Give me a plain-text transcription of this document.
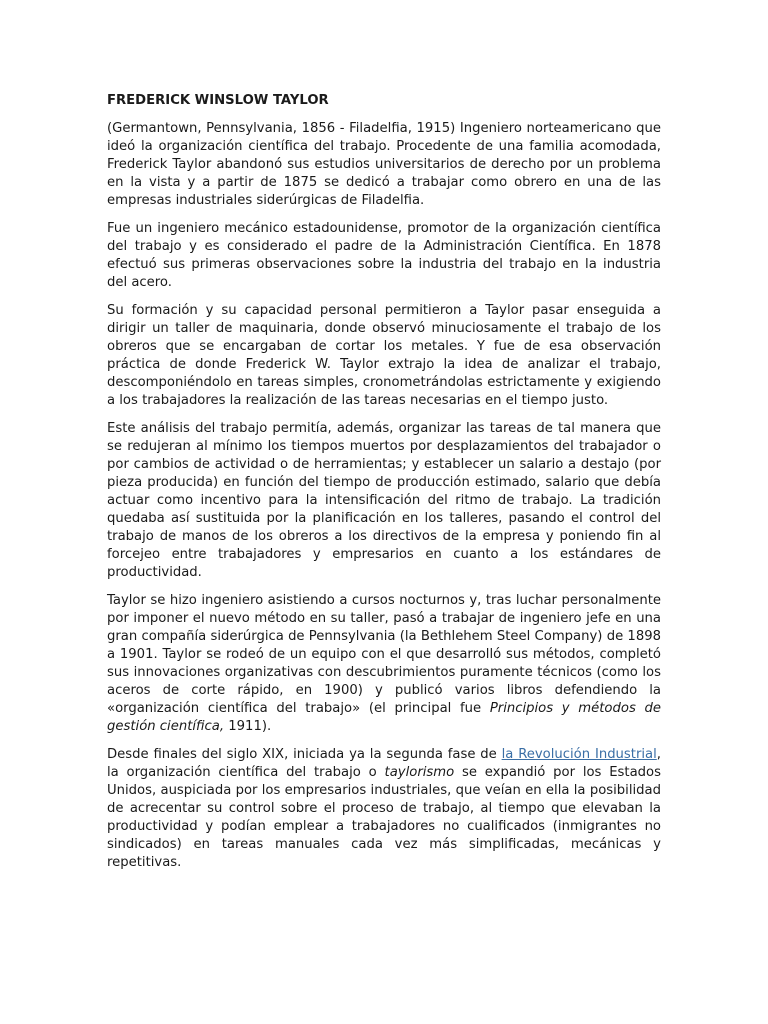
FREDERICK WINSLOW TAYLOR

(Germantown, Pennsylvania, 1856 - Filadelfia, 1915) Ingeniero norteamericano que ideó la organización científica del trabajo. Procedente de una familia acomodada, Frederick Taylor abandonó sus estudios universitarios de derecho por un problema en la vista y a partir de 1875 se dedicó a trabajar como obrero en una de las empresas industriales siderúrgicas de Filadelfia.

Fue un ingeniero mecánico estadounidense, promotor de la organización científica del trabajo y es considerado el padre de la Administración Científica. En 1878 efectuó sus primeras observaciones sobre la industria del trabajo en la industria del acero.

Su formación y su capacidad personal permitieron a Taylor pasar enseguida a dirigir un taller de maquinaria, donde observó minuciosamente el trabajo de los obreros que se encargaban de cortar los metales. Y fue de esa observación práctica de donde Frederick W. Taylor extrajo la idea de analizar el trabajo, descomponiéndolo en tareas simples, cronometrándolas estrictamente y exigiendo a los trabajadores la realización de las tareas necesarias en el tiempo justo.

Este análisis del trabajo permitía, además, organizar las tareas de tal manera que se redujeran al mínimo los tiempos muertos por desplazamientos del trabajador o por cambios de actividad o de herramientas; y establecer un salario a destajo (por pieza producida) en función del tiempo de producción estimado, salario que debía actuar como incentivo para la intensificación del ritmo de trabajo. La tradición quedaba así sustituida por la planificación en los talleres, pasando el control del trabajo de manos de los obreros a los directivos de la empresa y poniendo fin al forcejeo entre trabajadores y empresarios en cuanto a los estándares de productividad.

Taylor se hizo ingeniero asistiendo a cursos nocturnos y, tras luchar personalmente por imponer el nuevo método en su taller, pasó a trabajar de ingeniero jefe en una gran compañía siderúrgica de Pennsylvania (la Bethlehem Steel Company) de 1898 a 1901. Taylor se rodeó de un equipo con el que desarrolló sus métodos, completó sus innovaciones organizativas con descubrimientos puramente técnicos (como los aceros de corte rápido, en 1900) y publicó varios libros defendiendo la «organización científica del trabajo» (el principal fue Principios y métodos de gestión científica, 1911).

Desde finales del siglo XIX, iniciada ya la segunda fase de la Revolución Industrial, la organización científica del trabajo o taylorismo se expandió por los Estados Unidos, auspiciada por los empresarios industriales, que veían en ella la posibilidad de acrecentar su control sobre el proceso de trabajo, al tiempo que elevaban la productividad y podían emplear a trabajadores no cualificados (inmigrantes no sindicados) en tareas manuales cada vez más simplificadas, mecánicas y repetitivas.
